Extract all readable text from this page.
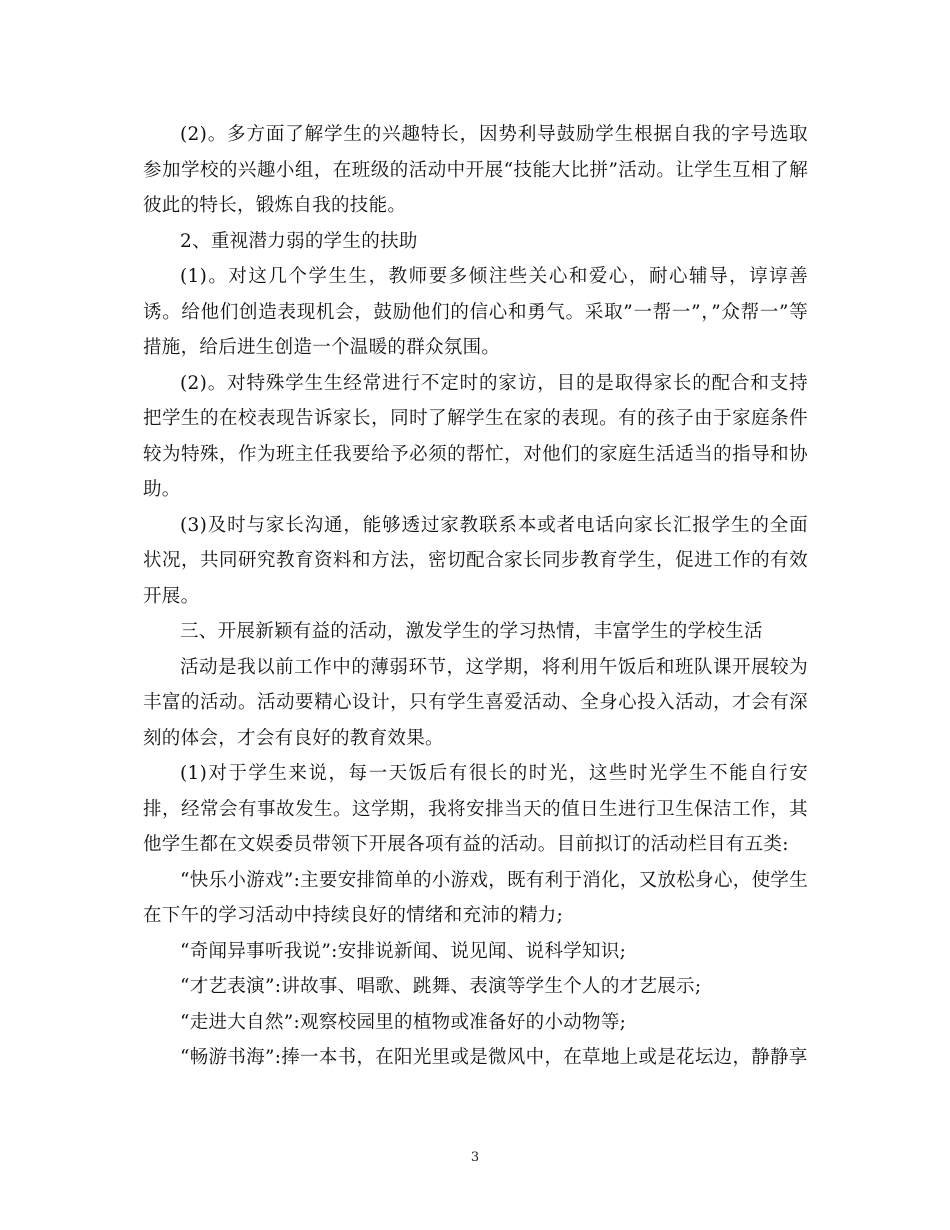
(2)。多方面了解学生的兴趣特长，因势利导鼓励学生根据自我的字号选取参加学校的兴趣小组，在班级的活动中开展“技能大比拼”活动。让学生互相了解彼此的特长，锻炼自我的技能。

2、重视潜力弱的学生的扶助

(1)。对这几个学生生，教师要多倾注些关心和爱心，耐心辅导，谆谆善诱。给他们创造表现机会，鼓励他们的信心和勇气。采取”一帮一”，”众帮一”等措施，给后进生创造一个温暖的群众氛围。

(2)。对特殊学生生经常进行不定时的家访，目的是取得家长的配合和支持把学生的在校表现告诉家长，同时了解学生在家的表现。有的孩子由于家庭条件较为特殊，作为班主任我要给予必须的帮忙，对他们的家庭生活适当的指导和协助。

(3)及时与家长沟通，能够透过家教联系本或者电话向家长汇报学生的全面状况，共同研究教育资料和方法，密切配合家长同步教育学生，促进工作的有效开展。

三、开展新颖有益的活动，激发学生的学习热情，丰富学生的学校生活

活动是我以前工作中的薄弱环节，这学期，将利用午饭后和班队课开展较为丰富的活动。活动要精心设计，只有学生喜爱活动、全身心投入活动，才会有深刻的体会，才会有良好的教育效果。

(1)对于学生来说，每一天饭后有很长的时光，这些时光学生不能自行安排，经常会有事故发生。这学期，我将安排当天的值日生进行卫生保洁工作，其他学生都在文娱委员带领下开展各项有益的活动。目前拟订的活动栏目有五类:

“快乐小游戏”:主要安排简单的小游戏，既有利于消化，又放松身心，使学生在下午的学习活动中持续良好的情绪和充沛的精力;

“奇闻异事听我说”:安排说新闻、说见闻、说科学知识;

“才艺表演”:讲故事、唱歌、跳舞、表演等学生个人的才艺展示;

“走进大自然”:观察校园里的植物或准备好的小动物等;

“畅游书海”:捧一本书，在阳光里或是微风中，在草地上或是花坛边，静静享

3
